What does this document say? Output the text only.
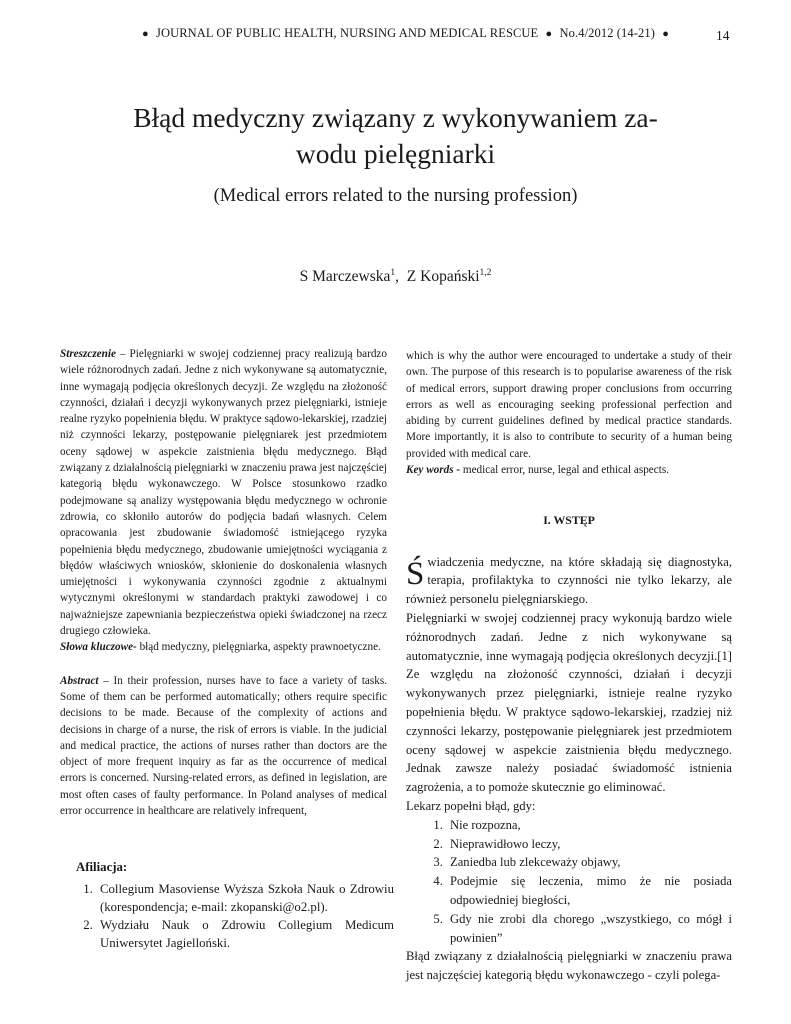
● JOURNAL OF PUBLIC HEALTH, NURSING AND MEDICAL RESCUE ● No.4/2012 (14-21) ●	14
Błąd medyczny związany z wykonywaniem za-
wodu pielęgniarki
(Medical errors related to the nursing profession)
S Marczewska$^1$,  Z Kopański$^{1,2}$

Streszczenie – Pielęgniarki w swojej codziennej pracy realizują bardzo wiele różnorodnych zadań. Jedne z nich wykonywane są automatycznie, inne wymagają podjęcia określonych decyzji. Ze względu na złożoność czynności, działań i decyzji wykonywanych przez pielęgniarki, istnieje realne ryzyko popełnienia błędu. W praktyce sądowo-lekarskiej, rzadziej niż czynności lekarzy, postępowanie pielęgniarek jest przedmiotem oceny sądowej w aspekcie zaistnienia błędu medycznego. Błąd związany z działalnością pielęgniarki w znaczeniu prawa jest najczęściej kategorią błędu wykonawczego. W Polsce stosunkowo rzadko podejmowane są analizy występowania błędu medycznego w ochronie zdrowia, co skłoniło autorów do podjęcia badań własnych. Celem opracowania jest zbudowanie świadomość istniejącego ryzyka popełnienia błędu medycznego, zbudowanie umiejętności wyciągania z błędów właściwych wniosków, skłonienie do doskonalenia własnych umiejętności i wykonywania czynności zgodnie z aktualnymi wytycznymi określonymi w standardach praktyki zawodowej i co najważniejsze zapewniania bezpieczeństwa opieki świadczonej na rzecz drugiego człowieka.

Słowa kluczowe- błąd medyczny, pielęgniarka, aspekty prawnoetyczne.

Abstract – In their profession, nurses have to face a variety of tasks. Some of them can be performed automatically; others require specific decisions to be made. Because of the complexity of actions and decisions in charge of a nurse, the risk of errors is viable. In the judicial and medical practice, the actions of nurses rather than doctors are the object of more frequent inquiry as far as the occurrence of medical errors is concerned. Nursing-related errors, as defined in legislation, are most often cases of faulty performance. In Poland analyses of medical error occurrence in healthcare are relatively infrequent,

Afiliacja:
1. Collegium Masoviense Wyższa Szkoła Nauk o Zdrowiu (korespondencja; e-mail: zkopanski@o2.pl).
2. Wydziału Nauk o Zdrowiu Collegium Medicum Uniwersytet Jagielloński.

which is why the author were encouraged to undertake a study of their own. The purpose of this research is to popularise awareness of the risk of medical errors, support drawing proper conclusions from occurring errors as well as encouraging seeking professional perfection and abiding by current guidelines defined by medical practice standards. More importantly, it is also to contribute to security of a human being provided with medical care.

Key words - medical error, nurse, legal and ethical aspects.

I. WSTĘP

Świadczenia medyczne, na które składają się diagnostyka, terapia, profilaktyka to czynności nie tylko lekarzy, ale również personelu pielęgniarskiego.

Pielęgniarki w swojej codziennej pracy wykonują bardzo wiele różnorodnych zadań. Jedne z nich wykonywane są automatycznie, inne wymagają podjęcia określonych decyzji.[1] Ze względu na złożoność czynności, działań i decyzji wykonywanych przez pielęgniarki, istnieje realne ryzyko popełnienia błędu. W praktyce sądowo-lekarskiej, rzadziej niż czynności lekarzy, postępowanie pielęgniarek jest przedmiotem oceny sądowej w aspekcie zaistnienia błędu medycznego. Jednak zawsze należy posiadać świadomość istnienia zagrożenia, a to pomoże skutecznie go eliminować.

Lekarz popełni błąd, gdy:

1. Nie rozpozna,
2. Nieprawidłowo leczy,
3. Zaniedba lub zlekceważy objawy,
4. Podejmie się leczenia, mimo że nie posiada odpowiedniej biegłości,
5. Gdy nie zrobi dla chorego „wszystkiego, co mógł i powinien”

Błąd związany z działalnością pielęgniarki w znaczeniu prawa jest najczęściej kategorią błędu wykonawczego - czyli polega-
